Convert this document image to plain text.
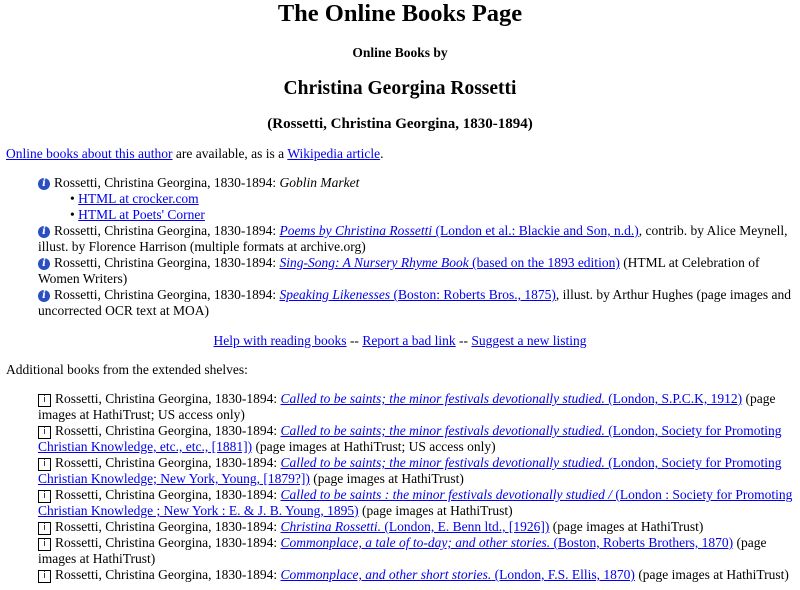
The Online Books Page
Online Books by
Christina Georgina Rossetti
(Rossetti, Christina Georgina, 1830-1894)
Online books about this author are available, as is a Wikipedia article.
i Rossetti, Christina Georgina, 1830-1894: Goblin Market
• HTML at crocker.com
• HTML at Poets' Corner
i Rossetti, Christina Georgina, 1830-1894: Poems by Christina Rossetti (London et al.: Blackie and Son, n.d.), contrib. by Alice Meynell, illust. by Florence Harrison (multiple formats at archive.org)
i Rossetti, Christina Georgina, 1830-1894: Sing-Song: A Nursery Rhyme Book (based on the 1893 edition) (HTML at Celebration of Women Writers)
i Rossetti, Christina Georgina, 1830-1894: Speaking Likenesses (Boston: Roberts Bros., 1875), illust. by Arthur Hughes (page images and uncorrected OCR text at MOA)
Help with reading books -- Report a bad link -- Suggest a new listing
Additional books from the extended shelves:
i Rossetti, Christina Georgina, 1830-1894: Called to be saints; the minor festivals devotionally studied. (London, S.P.C.K, 1912) (page images at HathiTrust; US access only)
i Rossetti, Christina Georgina, 1830-1894: Called to be saints; the minor festivals devotionally studied. (London, Society for Promoting Christian Knowledge, etc., etc., [1881]) (page images at HathiTrust; US access only)
i Rossetti, Christina Georgina, 1830-1894: Called to be saints; the minor festivals devotionally studied. (London, Society for Promoting Christian Knowledge; New York, Young, [1879?]) (page images at HathiTrust)
i Rossetti, Christina Georgina, 1830-1894: Called to be saints : the minor festivals devotionally studied / (London : Society for Promoting Christian Knowledge ; New York : E. & J. B. Young, 1895) (page images at HathiTrust)
i Rossetti, Christina Georgina, 1830-1894: Christina Rossetti. (London, E. Benn ltd., [1926]) (page images at HathiTrust)
i Rossetti, Christina Georgina, 1830-1894: Commonplace, a tale of to-day; and other stories. (Boston, Roberts Brothers, 1870) (page images at HathiTrust)
i Rossetti, Christina Georgina, 1830-1894: Commonplace, and other short stories. (London, F.S. Ellis, 1870) (page images at HathiTrust)
